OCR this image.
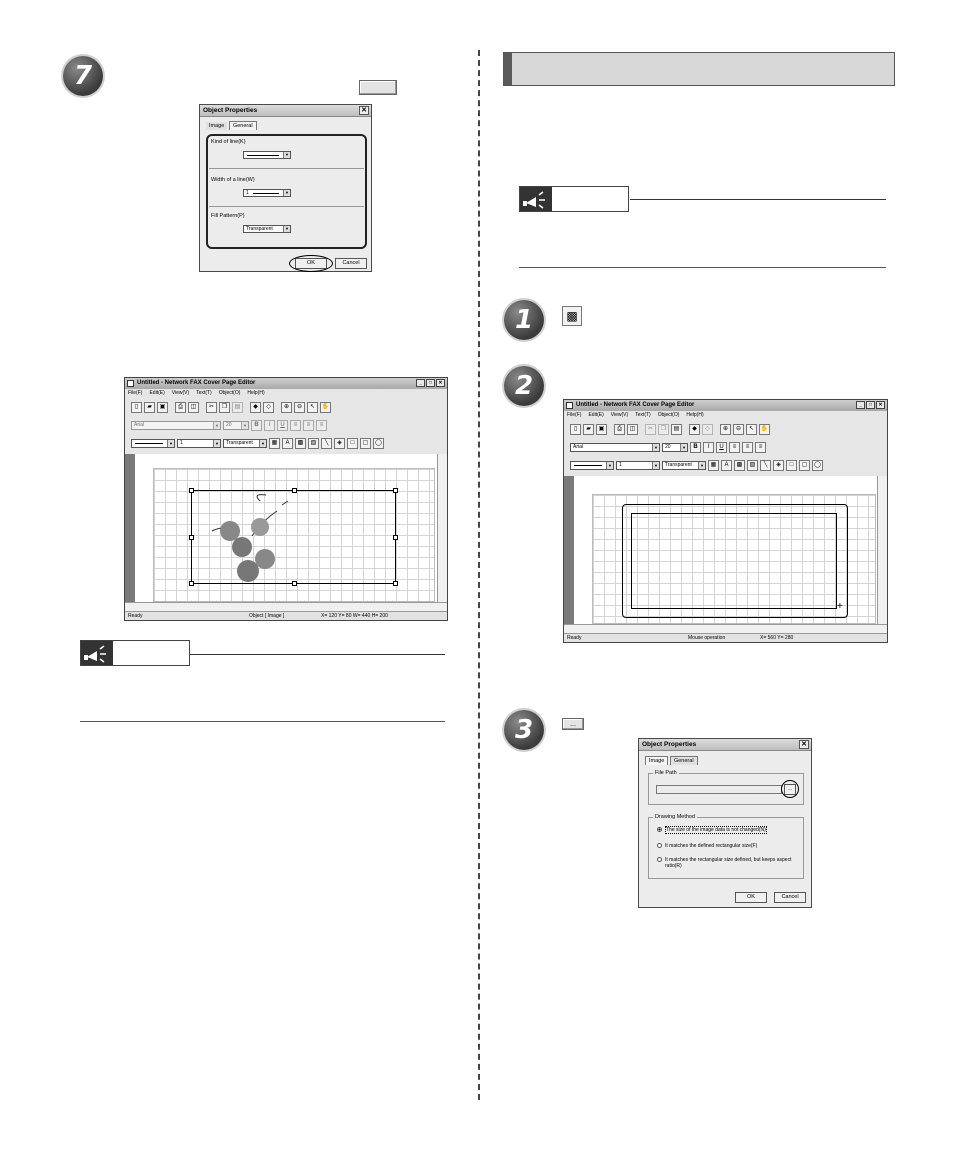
7
Object Properties	✕
Image General
Kind of line(K)
▼
Width of a line(W)
1	▼
Fill Pattern(P)
Transparent	▼
OK	Cancel
Untitled - Network FAX Cover Page Editor	_	□	✕
File(F) Edit(E) View(V) Text(T) Object(O) Help(H)
▯	▰	▣	⎙	◫	✂	❐	▤	◆	◇	⊕	⊖	↖	✋
Arial	▼	20	▼	B	I	U	≡	≡	≡
▼	1	▼	Transparent	▼	▦	A	▩	▧	╲	◈	□	▢	◯
Ready	Object [ Image ]	X= 120 Y= 80 W= 440 H= 200
1	▩
2
Untitled - Network FAX Cover Page Editor	_	□	✕
File(F) Edit(E) View(V) Text(T) Object(O) Help(H)
▯	▰	▣	⎙	◫	✂	❐	▤	◆	◇	⊕	⊖	↖	✋
Arial	▼	20	▼	B	I	U	≡	≡	≡
▼	1	▼	Transparent	▼	▦	A	▩	▧	╲	◈	□	▢	◯
+
Ready	Mouse operation	X= 560 Y= 280
3	...
Object Properties	✕
Image General
File Path
...
Drawing Method
The size of the image data is not changed(N)
It matches the defined rectangular size(F)
It matches the rectangular size defined, but keeps aspect
ratio(R)
OK	Cancel
